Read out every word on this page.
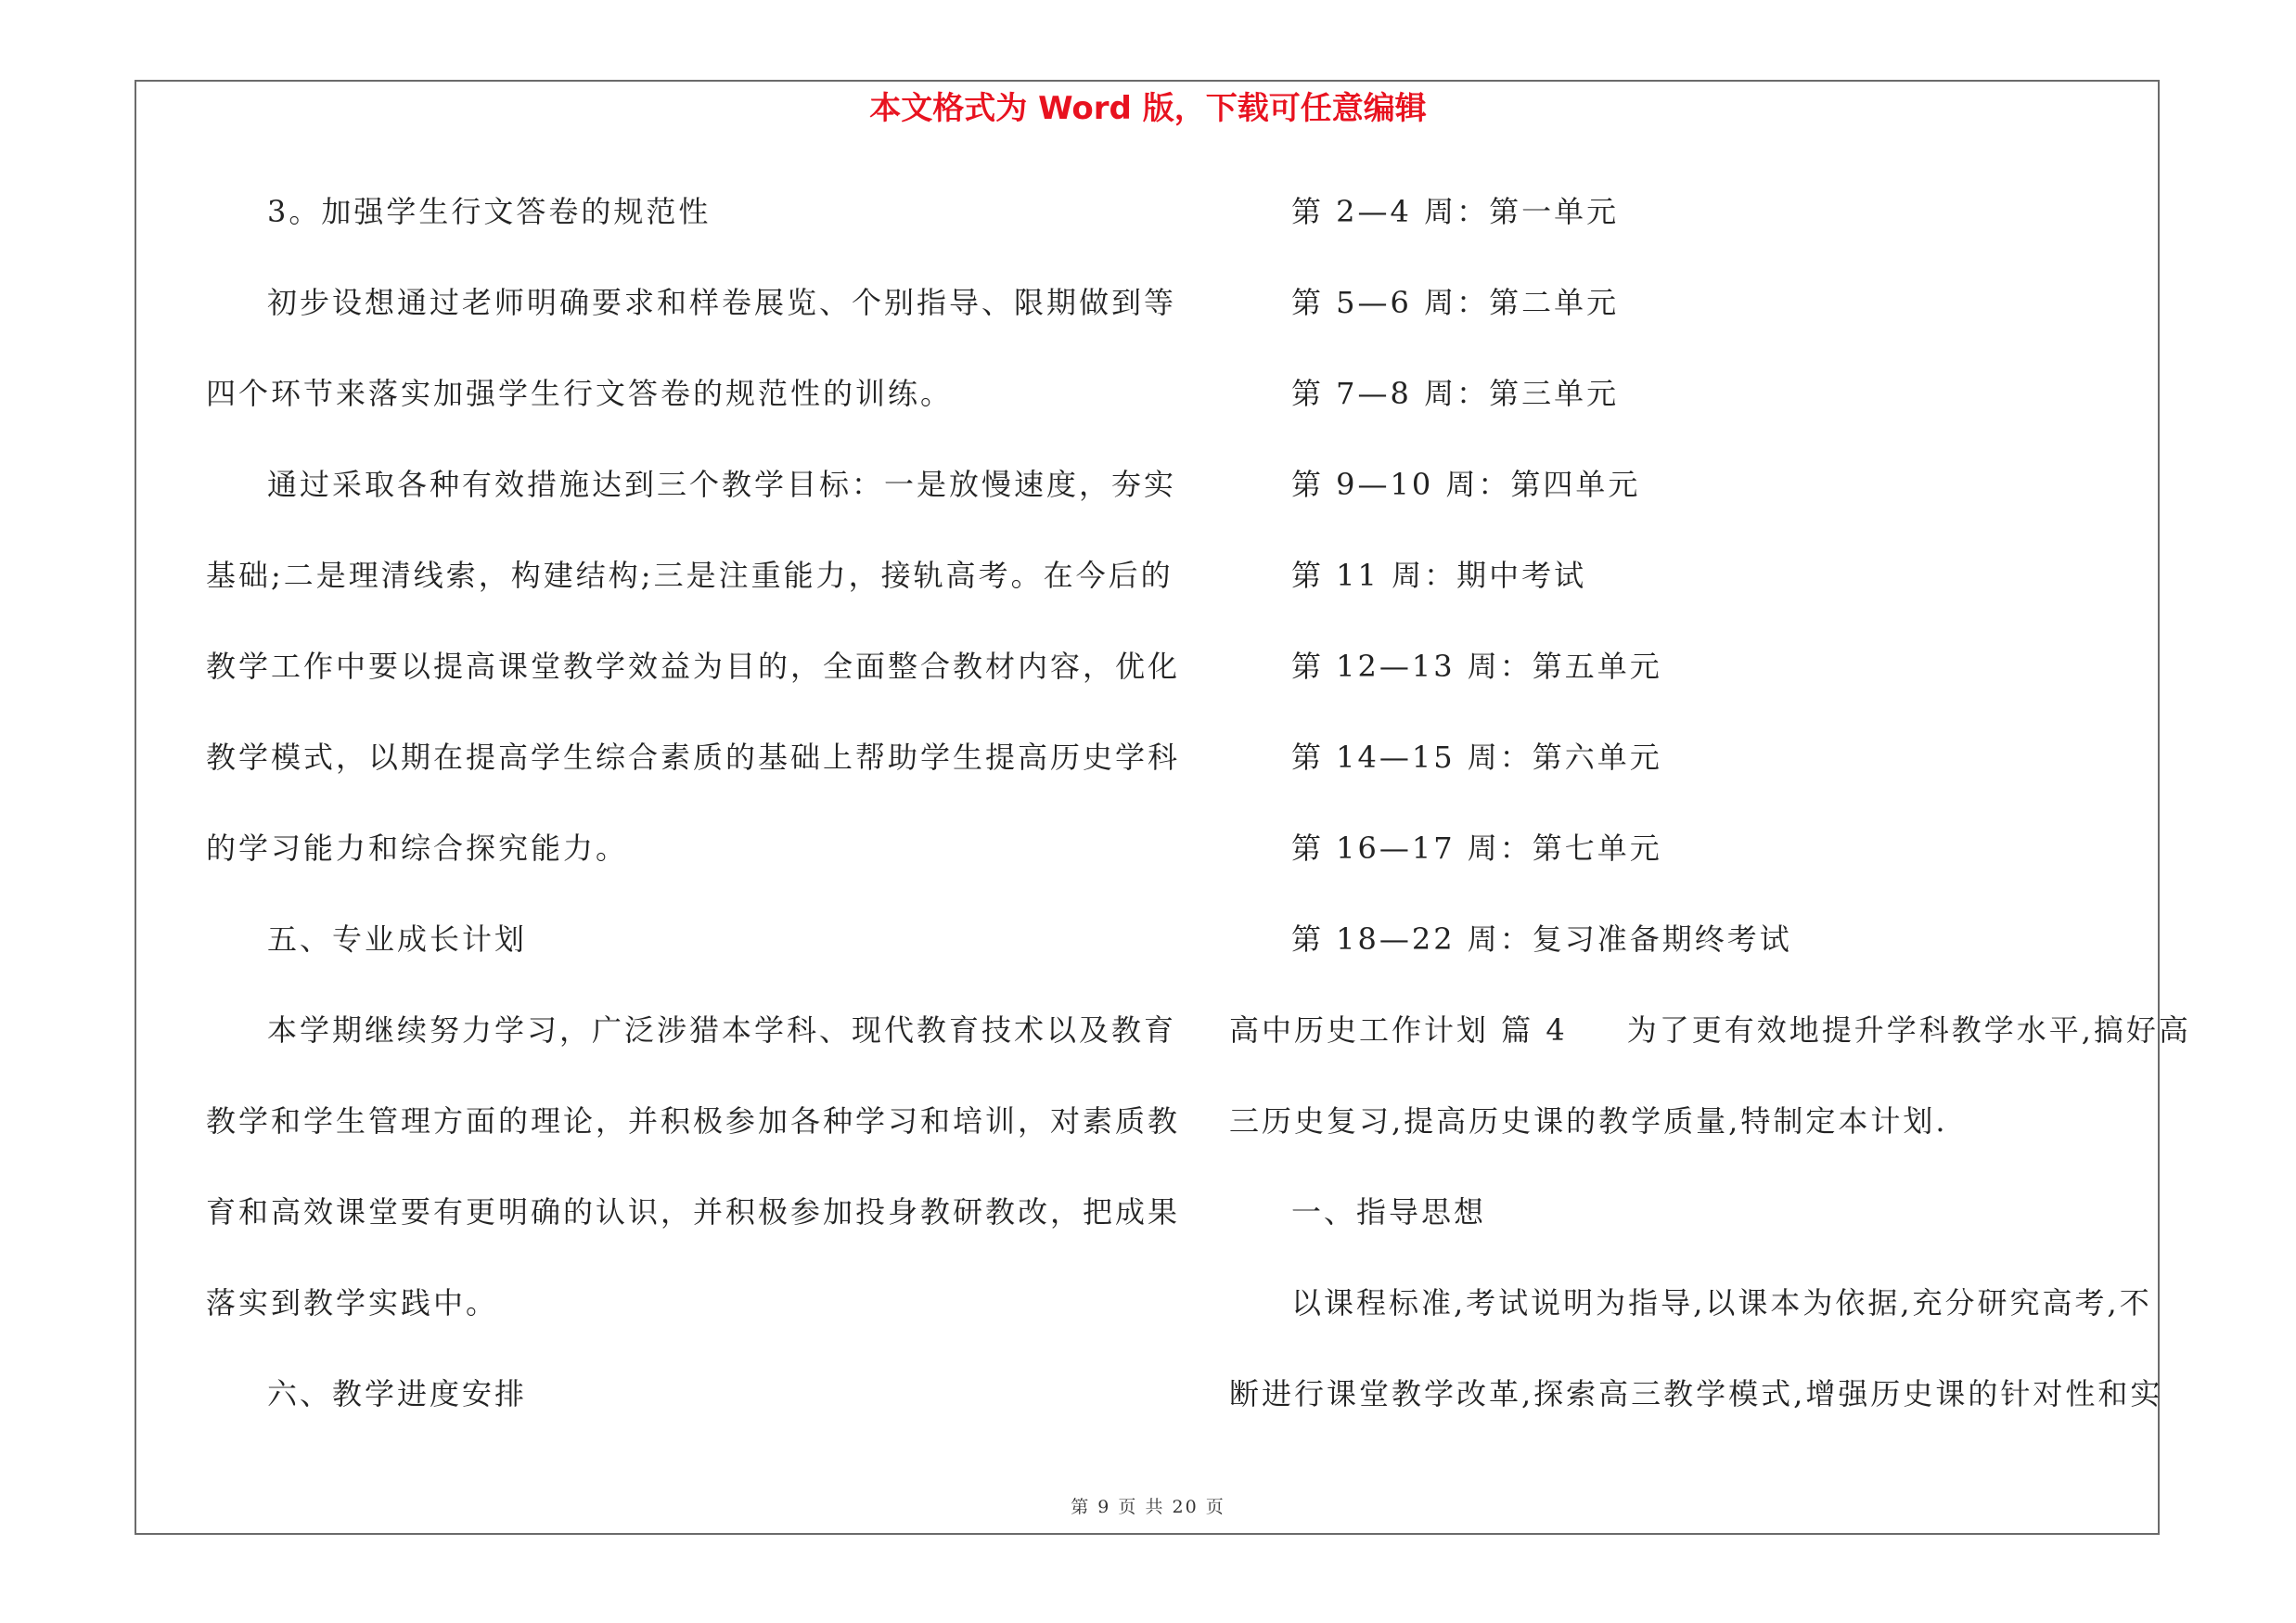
本文格式为 Word 版，下载可任意编辑
3。加强学生行文答卷的规范性
初步设想通过老师明确要求和样卷展览、个别指导、限期做到等
四个环节来落实加强学生行文答卷的规范性的训练。
通过采取各种有效措施达到三个教学目标：一是放慢速度，夯实
基础;二是理清线索，构建结构;三是注重能力，接轨高考。在今后的
教学工作中要以提高课堂教学效益为目的，全面整合教材内容，优化
教学模式，以期在提高学生综合素质的基础上帮助学生提高历史学科
的学习能力和综合探究能力。
五、专业成长计划
本学期继续努力学习，广泛涉猎本学科、现代教育技术以及教育
教学和学生管理方面的理论，并积极参加各种学习和培训，对素质教
育和高效课堂要有更明确的认识，并积极参加投身教研教改，把成果
落实到教学实践中。
六、教学进度安排
第 2—4 周：第一单元
第 5—6 周：第二单元
第 7—8 周：第三单元
第 9—10 周：第四单元
第 11 周：期中考试
第 12—13 周：第五单元
第 14—15 周：第六单元
第 16—17 周：第七单元
第 18—22 周：复习准备期终考试
高中历史工作计划 篇 4 为了更有效地提升学科教学水平,搞好高
三历史复习,提高历史课的教学质量,特制定本计划.
一、指导思想
以课程标准,考试说明为指导,以课本为依据,充分研究高考,不
断进行课堂教学改革,探索高三教学模式,增强历史课的针对性和实
第 9 页 共 20 页
